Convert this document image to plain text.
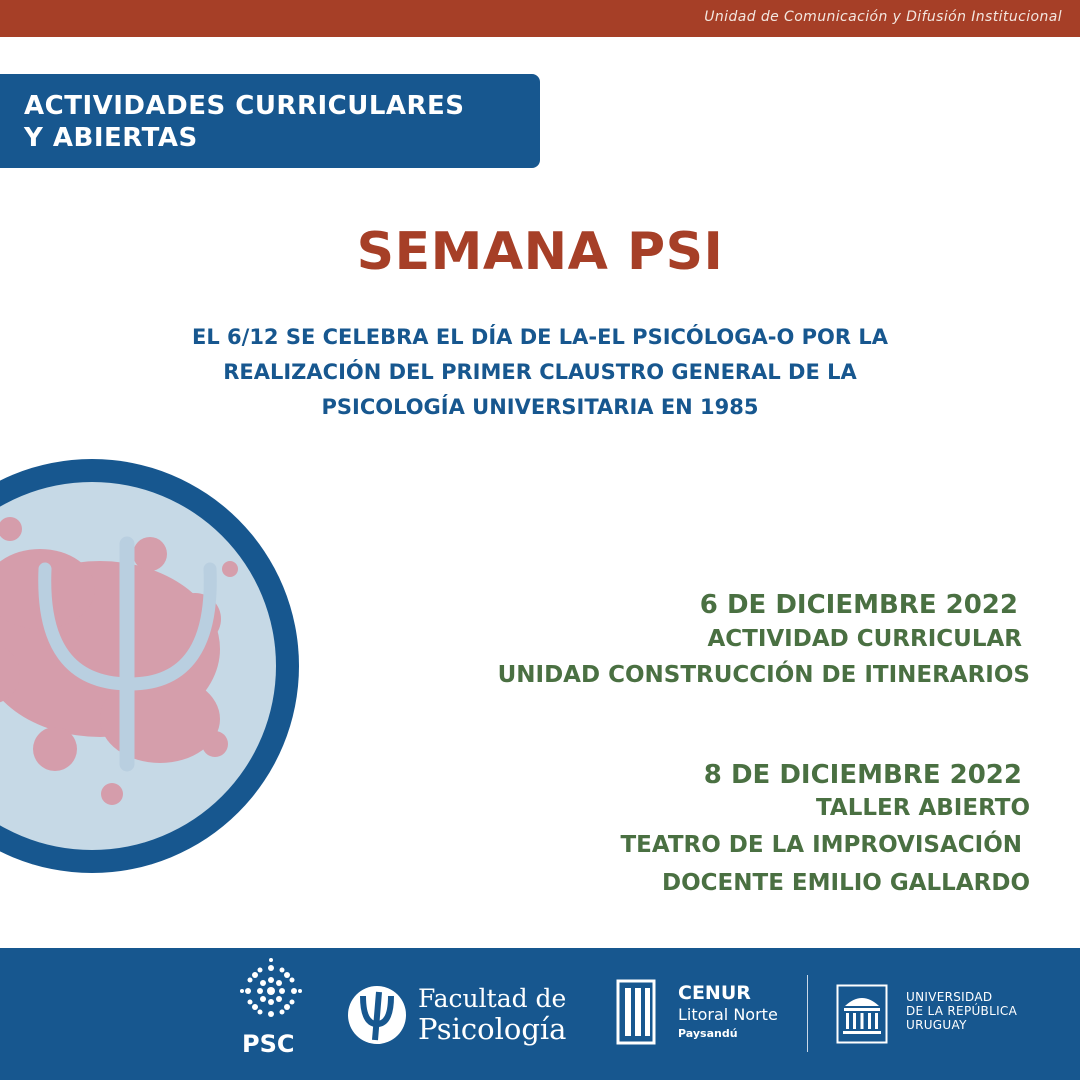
Unidad de Comunicación y Difusión Institucional
ACTIVIDADES CURRICULARES
Y ABIERTAS
SEMANA PSI
EL 6/12 SE CELEBRA EL DÍA DE LA-EL PSICÓLOGA-O POR LA
REALIZACIÓN DEL PRIMER CLAUSTRO GENERAL DE LA
PSICOLOGÍA UNIVERSITARIA EN 1985
6 DE DICIEMBRE 2022
ACTIVIDAD CURRICULAR
UNIDAD CONSTRUCCIÓN DE ITINERARIOS
8 DE DICIEMBRE 2022
TALLER ABIERTO
TEATRO DE LA IMPROVISACIÓN
DOCENTE EMILIO GALLARDO
PSC
Facultad de
Psicología
CENUR
Litoral Norte
Paysandú
UNIVERSIDAD
DE LA REPÚBLICA
URUGUAY
